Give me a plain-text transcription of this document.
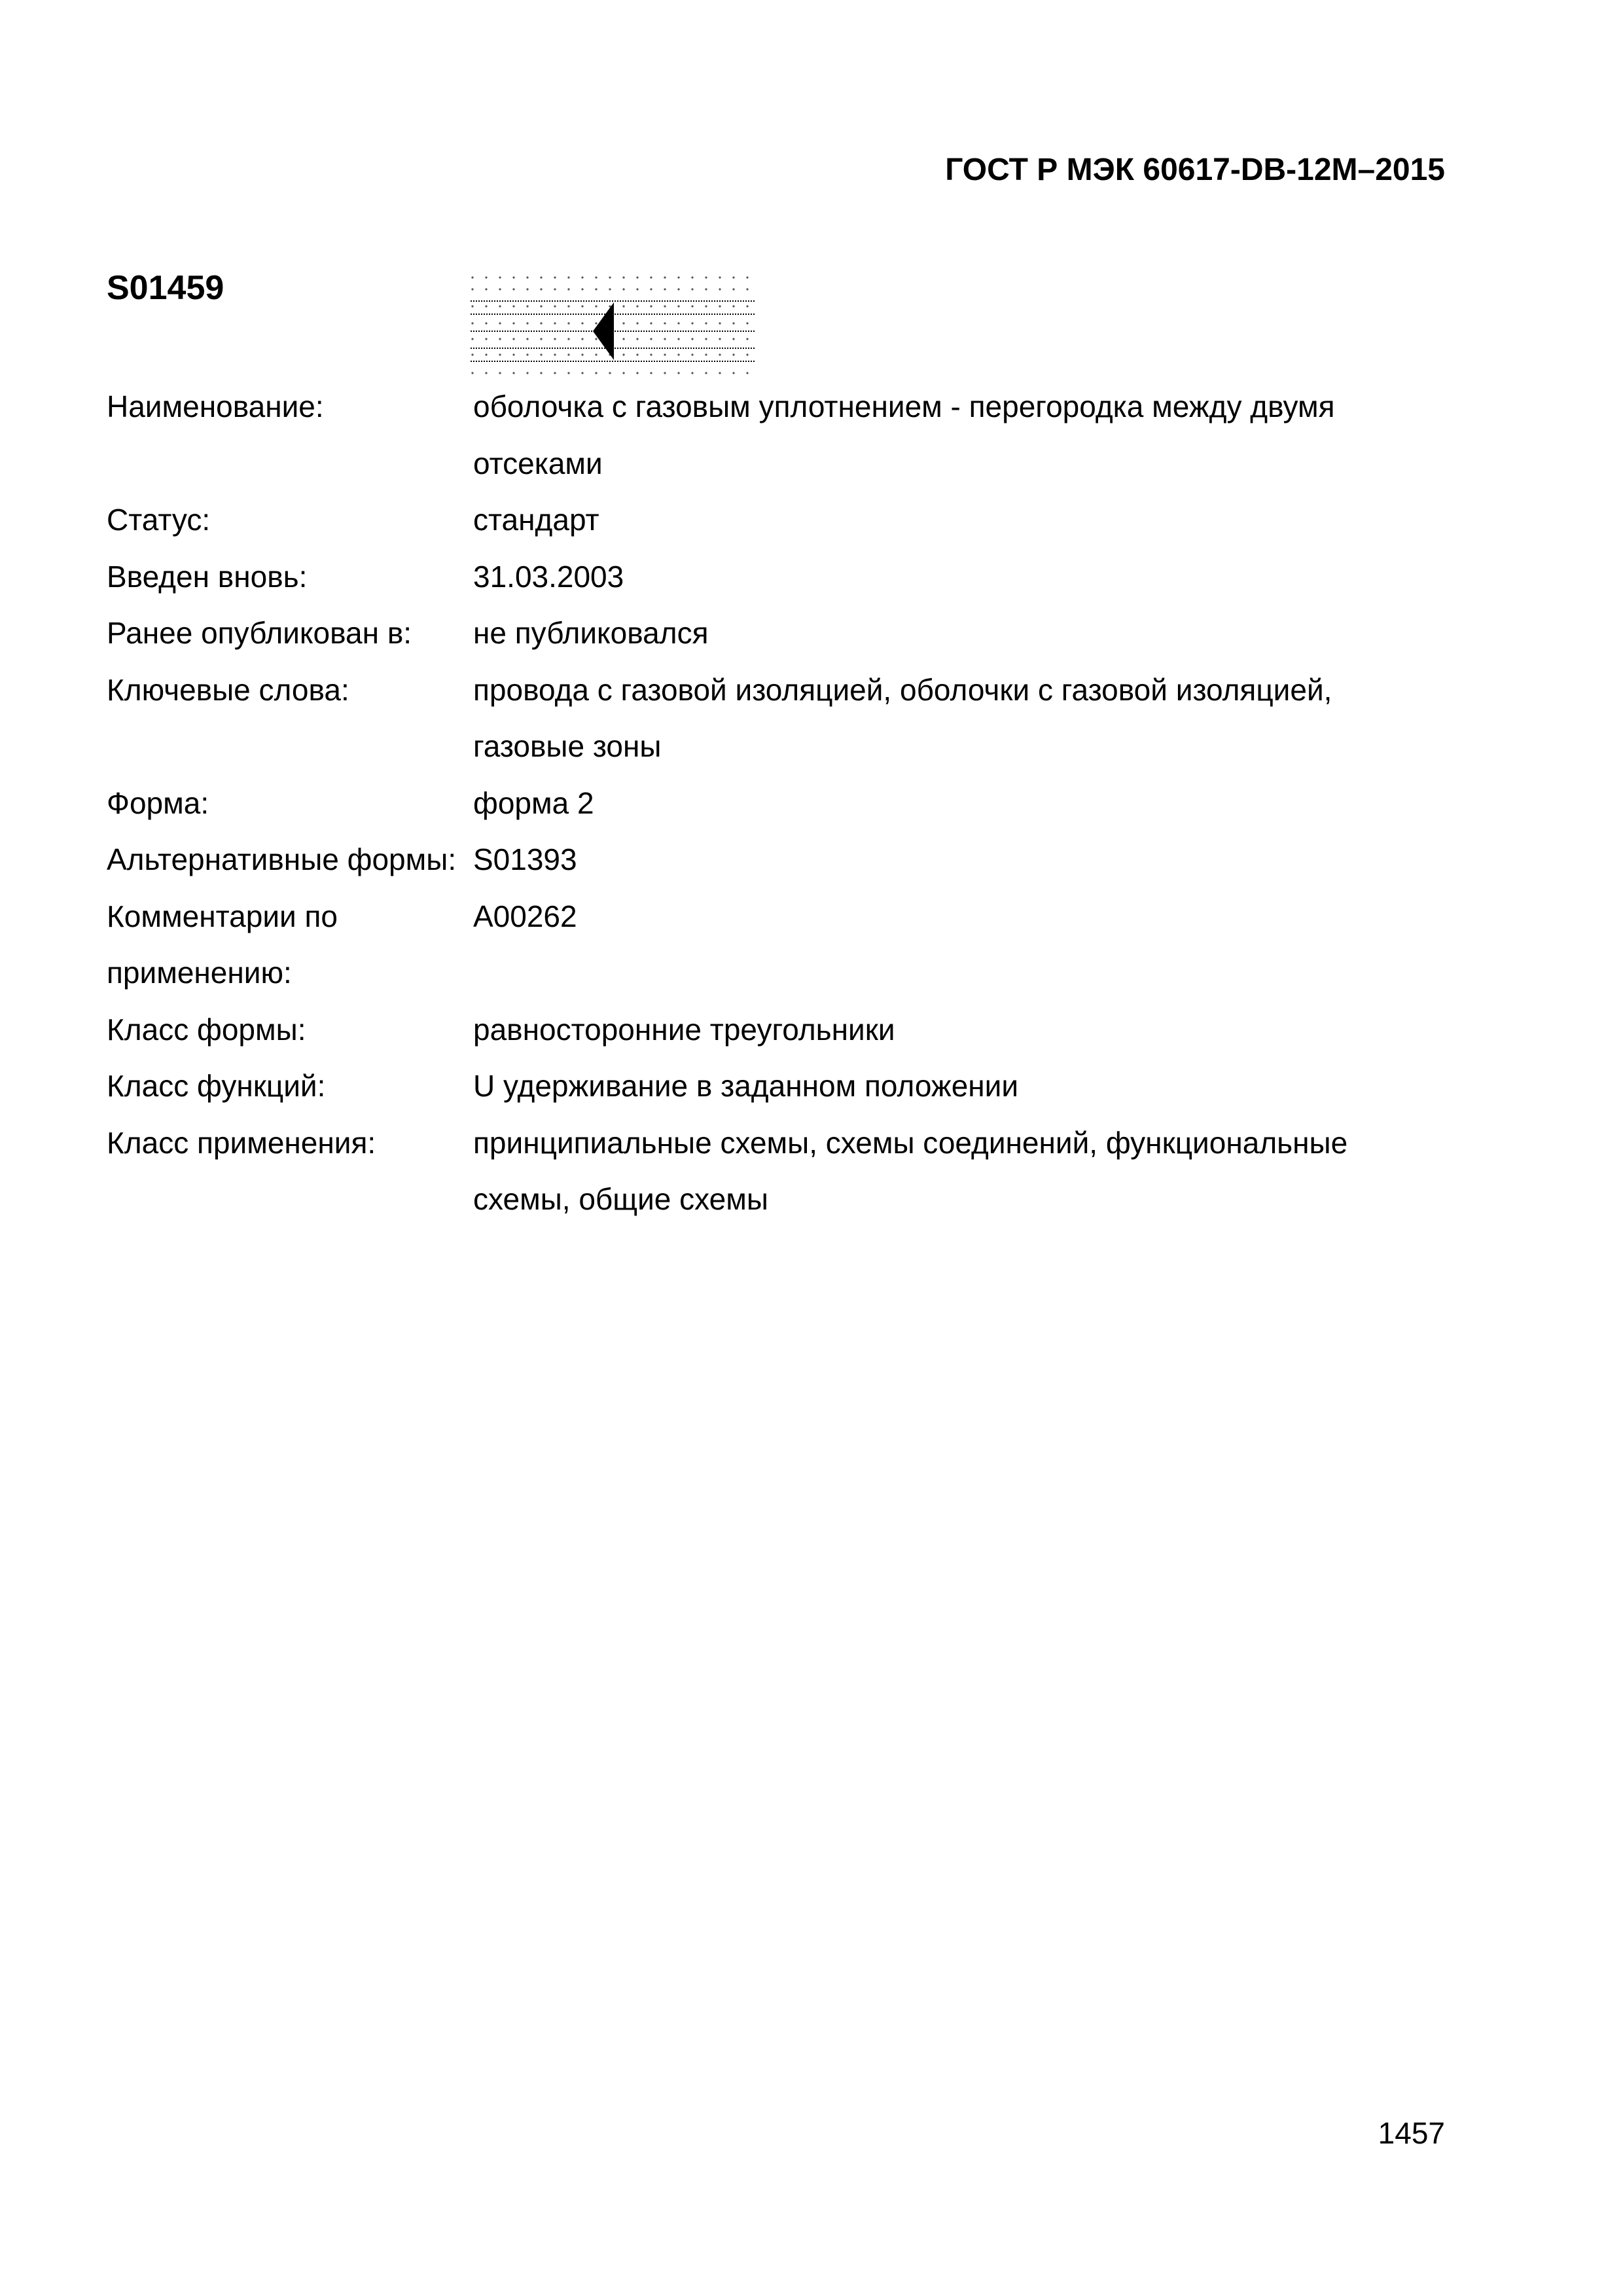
ГОСТ Р МЭК 60617-DB-12M–2015
S01459
Наименование:	оболочка с газовым уплотнением - перегородка между двумя отсеками
Статус:	стандарт
Введен вновь:	31.03.2003
Ранее опубликован в:	не публиковался
Ключевые слова:	провода с газовой изоляцией, оболочки с газовой изоляцией, газовые зоны
Форма:	форма 2
Альтернативные формы:	S01393
Комментарии по применению:	A00262
Класс формы:	равносторонние треугольники
Класс функций:	U удерживание в заданном положении
Класс применения:	принципиальные схемы, схемы соединений, функциональные схемы, общие схемы
1457
